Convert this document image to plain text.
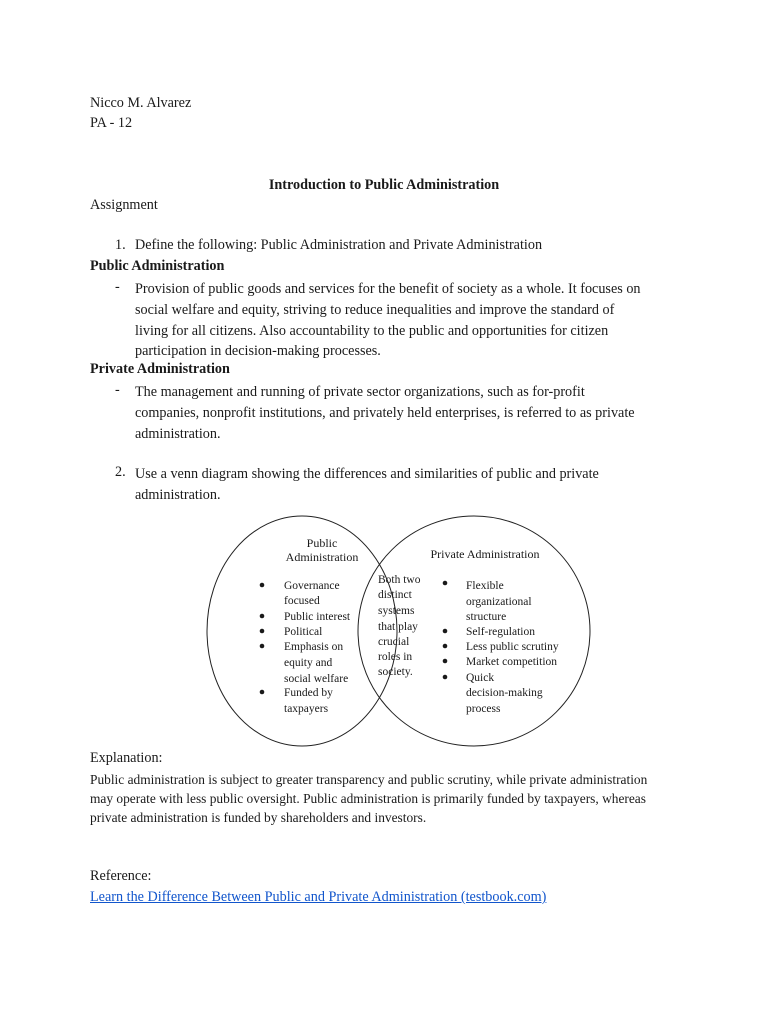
Nicco M. Alvarez
PA - 12
Introduction to Public Administration
Assignment
1. Define the following: Public Administration and Private Administration
Public Administration
- Provision of public goods and services for the benefit of society as a whole. It focuses on
social welfare and equity, striving to reduce inequalities and improve the standard of
living for all citizens. Also accountability to the public and opportunities for citizen
participation in decision-making processes.
Private Administration
- The management and running of private sector organizations, such as for-profit
companies, nonprofit institutions, and privately held enterprises, is referred to as private
administration.
2. Use a venn diagram showing the differences and similarities of public and private
administration.
Public
Administration	Private Administration
Governance
focused
Public interest
Political
Emphasis on
equity and
social welfare
Funded by
taxpayers
Both two
distinct
systems
that play
crucial
roles in
society.
Flexible
organizational
structure
Self-regulation
Less public scrutiny
Market competition
Quick
decision-making
process
Explanation:
Public administration is subject to greater transparency and public scrutiny, while private administration
may operate with less public oversight. Public administration is primarily funded by taxpayers, whereas
private administration is funded by shareholders and investors.
Reference:
Learn the Difference Between Public and Private Administration (testbook.com)
